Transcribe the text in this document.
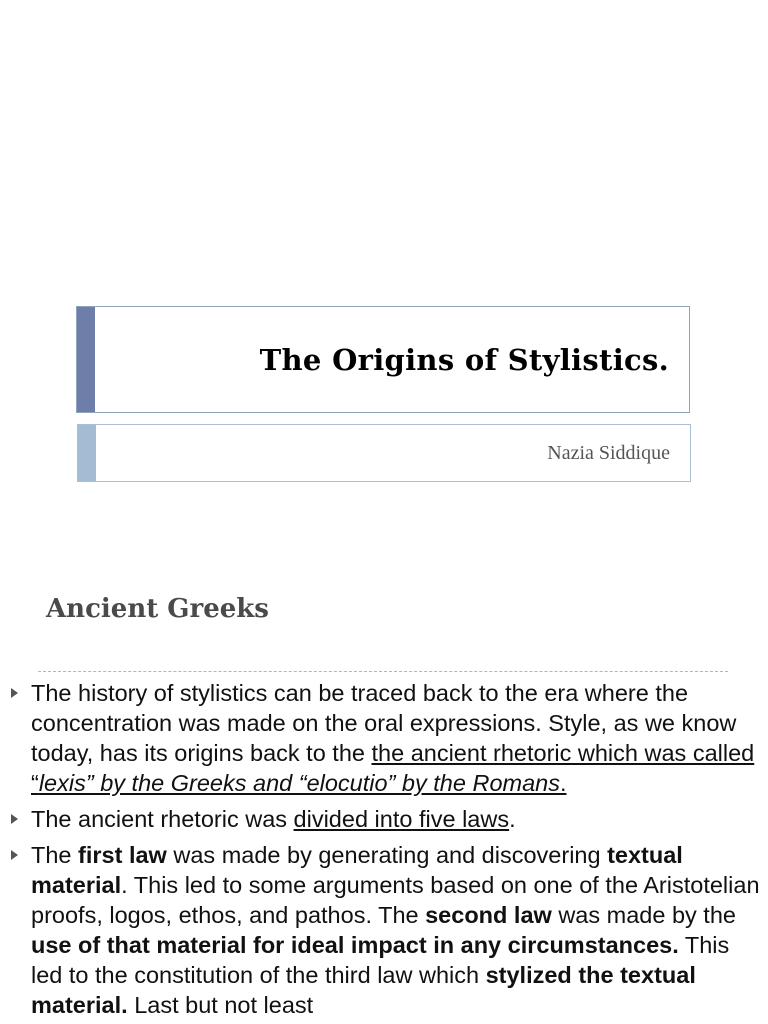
The Origins of Stylistics.
Nazia Siddique
Ancient Greeks
The history of stylistics can be traced back to the era where the concentration was made on the oral expressions. Style, as we know today, has its origins back to the the ancient rhetoric which was called “lexis” by the Greeks and “elocutio” by the Romans.
The ancient rhetoric was divided into five laws.
The first law was made by generating and discovering textual material. This led to some arguments based on one of the Aristotelian proofs, logos, ethos, and pathos. The second law was made by the use of that material for ideal impact in any circumstances. This led to the constitution of the third law which stylized the textual material. Last but not least
